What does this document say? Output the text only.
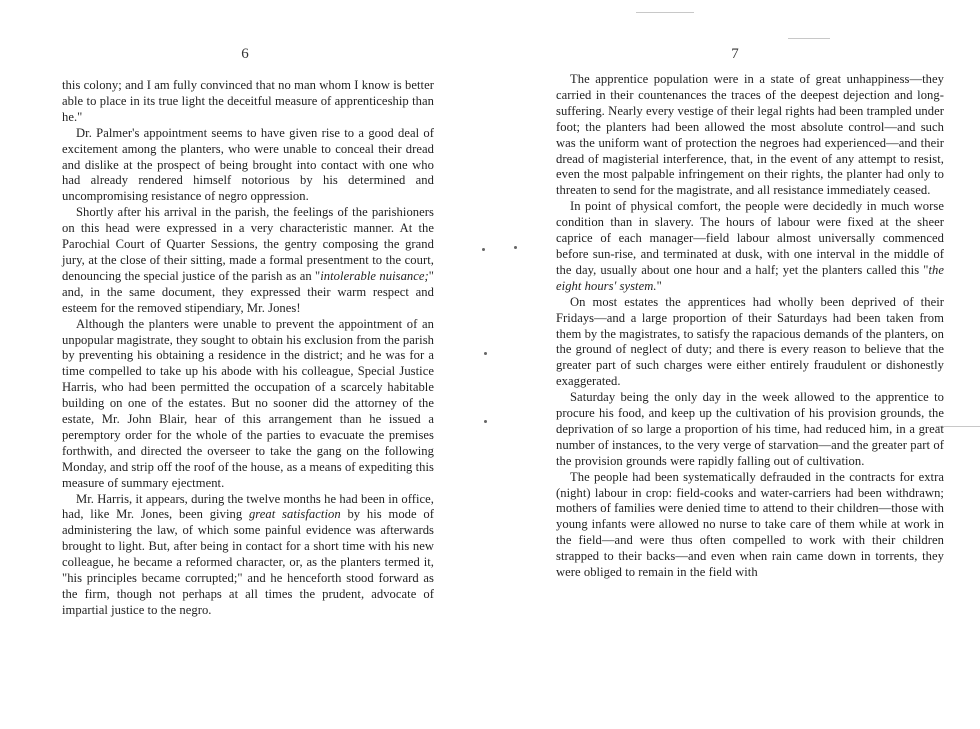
6

this colony; and I am fully convinced that no man whom I know is better able to place in its true light the deceitful measure of apprenticeship than he."

Dr. Palmer's appointment seems to have given rise to a good deal of excitement among the planters, who were unable to conceal their dread and dislike at the prospect of being brought into contact with one who had already rendered himself notorious by his determined and uncompromising resistance of negro oppression.

Shortly after his arrival in the parish, the feelings of the parishioners on this head were expressed in a very characteristic manner. At the Parochial Court of Quarter Sessions, the gentry composing the grand jury, at the close of their sitting, made a formal presentment to the court, denouncing the special justice of the parish as an "intolerable nuisance;" and, in the same document, they expressed their warm respect and esteem for the removed stipendiary, Mr. Jones!

Although the planters were unable to prevent the appointment of an unpopular magistrate, they sought to obtain his exclusion from the parish by preventing his obtaining a residence in the district; and he was for a time compelled to take up his abode with his colleague, Special Justice Harris, who had been permitted the occupation of a scarcely habitable building on one of the estates. But no sooner did the attorney of the estate, Mr. John Blair, hear of this arrangement than he issued a peremptory order for the whole of the parties to evacuate the premises forthwith, and directed the overseer to take the gang on the following Monday, and strip off the roof of the house, as a means of expediting this measure of summary ejectment.

Mr. Harris, it appears, during the twelve months he had been in office, had, like Mr. Jones, been giving great satisfaction by his mode of administering the law, of which some painful evidence was afterwards brought to light. But, after being in contact for a short time with his new colleague, he became a reformed character, or, as the planters termed it, "his principles became corrupted;" and he henceforth stood forward as the firm, though not perhaps at all times the prudent, advocate of impartial justice to the negro.

7

The apprentice population were in a state of great unhappiness—they carried in their countenances the traces of the deepest dejection and long-suffering. Nearly every vestige of their legal rights had been trampled under foot; the planters had been allowed the most absolute control—and such was the uniform want of protection the negroes had experienced—and their dread of magisterial interference, that, in the event of any attempt to resist, even the most palpable infringement on their rights, the planter had only to threaten to send for the magistrate, and all resistance immediately ceased.

In point of physical comfort, the people were decidedly in much worse condition than in slavery. The hours of labour were fixed at the sheer caprice of each manager—field labour almost universally commenced before sun-rise, and terminated at dusk, with one interval in the middle of the day, usually about one hour and a half; yet the planters called this "the eight hours' system."

On most estates the apprentices had wholly been deprived of their Fridays—and a large proportion of their Saturdays had been taken from them by the magistrates, to satisfy the rapacious demands of the planters, on the ground of neglect of duty; and there is every reason to believe that the greater part of such charges were either entirely fraudulent or dishonestly exaggerated.

Saturday being the only day in the week allowed to the apprentice to procure his food, and keep up the cultivation of his provision grounds, the deprivation of so large a proportion of his time, had reduced him, in a great number of instances, to the very verge of starvation—and the greater part of the provision grounds were rapidly falling out of cultivation.

The people had been systematically defrauded in the contracts for extra (night) labour in crop: field-cooks and water-carriers had been withdrawn; mothers of families were denied time to attend to their children—those with young infants were allowed no nurse to take care of them while at work in the field—and were thus often compelled to work with their children strapped to their backs—and even when rain came down in torrents, they were obliged to remain in the field with
